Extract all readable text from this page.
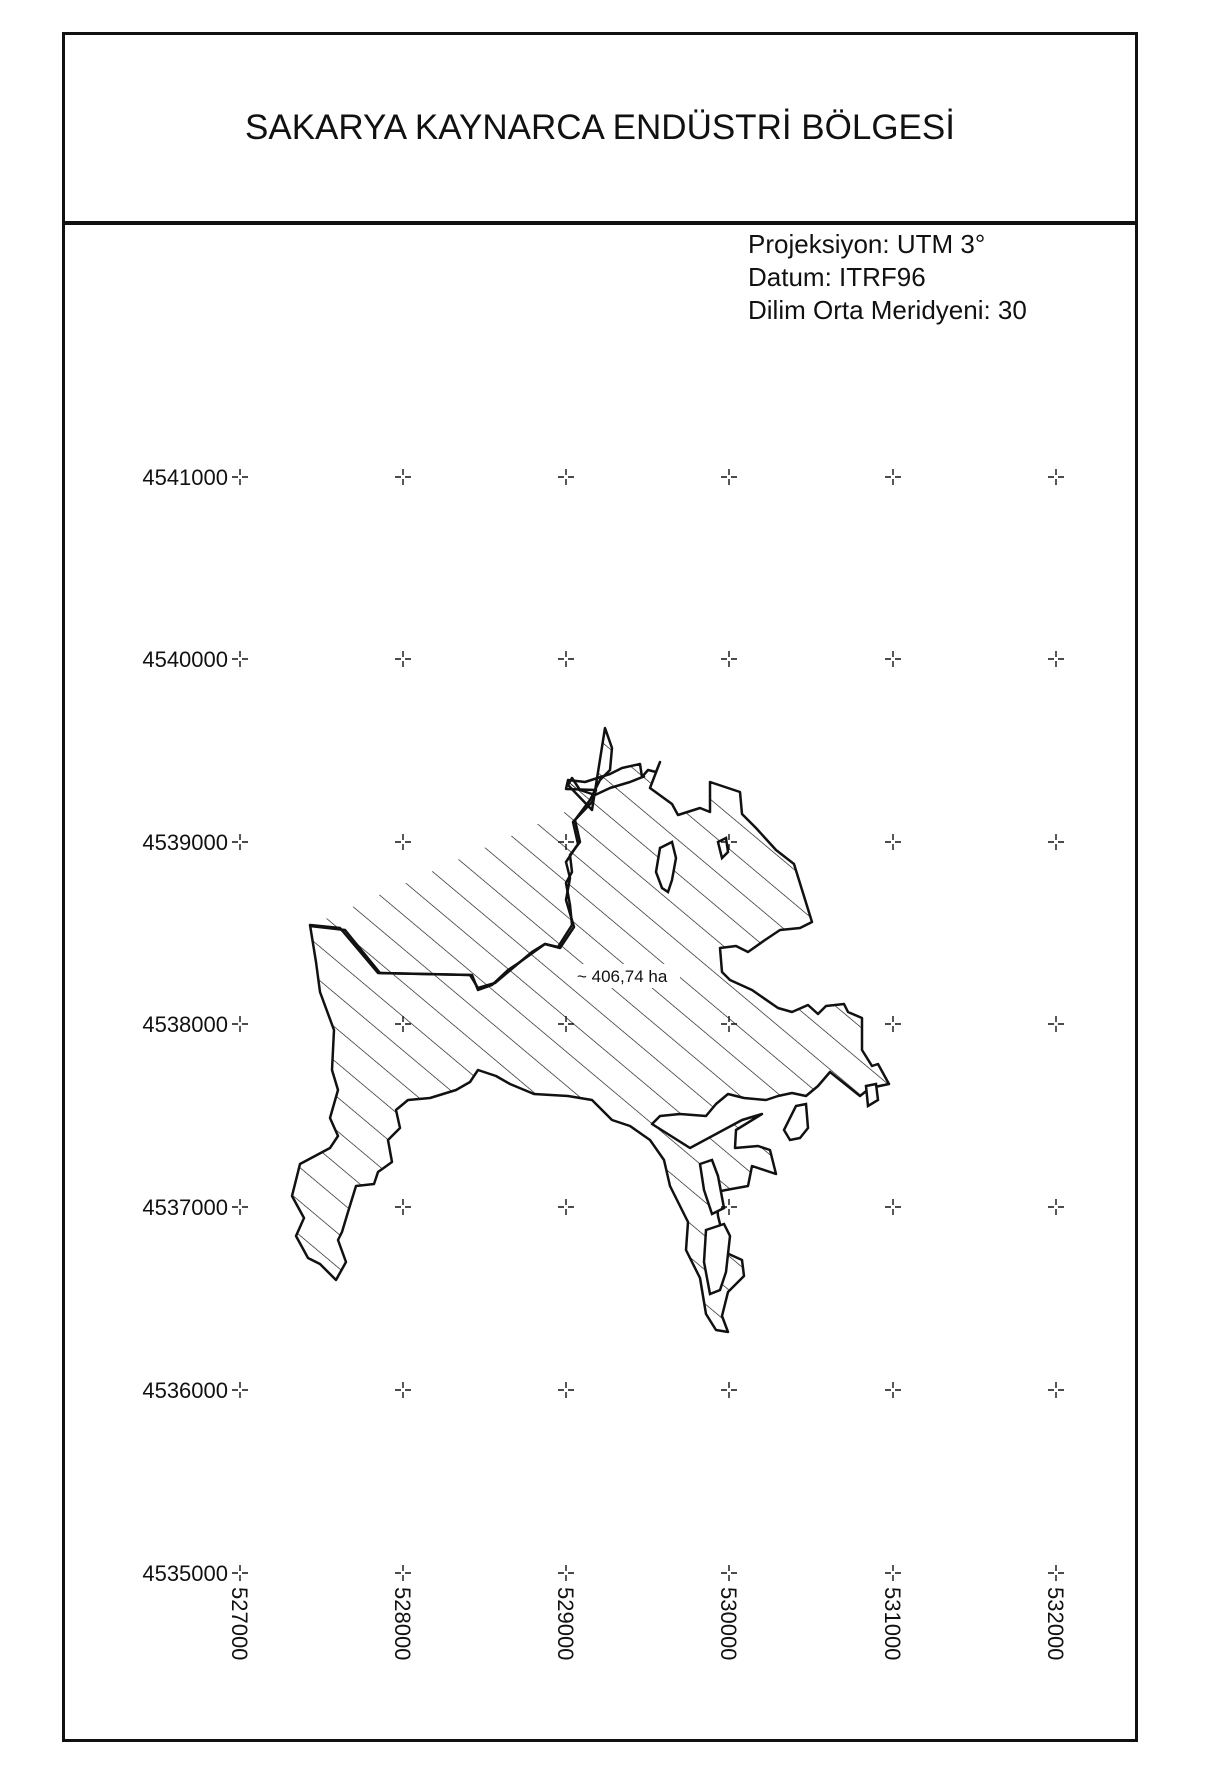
SAKARYA KAYNARCA ENDÜSTRİ BÖLGESİ
Projeksiyon: UTM 3°
Datum: ITRF96
Dilim Orta Meridyeni: 30
~ 406,74 ha
4541000
4540000
4539000
4538000
4537000
4536000
4535000
527000	528000	529000	530000	531000	532000
